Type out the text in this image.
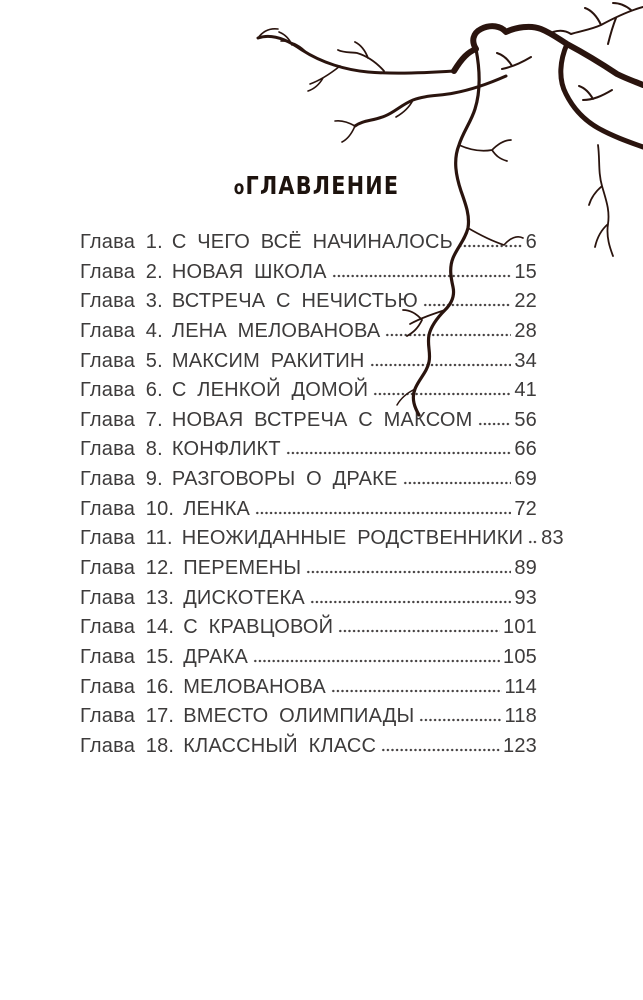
оГЛАВЛЕНИЕ
Глава 1. С ЧЕГО ВСЁ НАЧИНАЛОСЬ	6
Глава 2. НОВАЯ ШКОЛА	15
Глава 3. ВСТРЕЧА С НЕЧИСТЬЮ	22
Глава 4. ЛЕНА МЕЛОВАНОВА	28
Глава 5. МАКСИМ РАКИТИН	34
Глава 6. С ЛЕНКОЙ ДОМОЙ	41
Глава 7. НОВАЯ ВСТРЕЧА С МАКСОМ 56
Глава 8. КОНФЛИКТ	66
Глава 9. РАЗГОВОРЫ О ДРАКЕ	69
Глава 10. ЛЕНКА	72
Глава 11. НЕОЖИДАННЫЕ РОДСТВЕННИКИ 83
Глава 12. ПЕРЕМЕНЫ	89
Глава 13. ДИСКОТЕКА	93
Глава 14. С КРАВЦОВОЙ	101
Глава 15. ДРАКА	105
Глава 16. МЕЛОВАНОВА	114
Глава 17. ВМЕСТО ОЛИМПИАДЫ	118
Глава 18. КЛАССНЫЙ КЛАСС	123
